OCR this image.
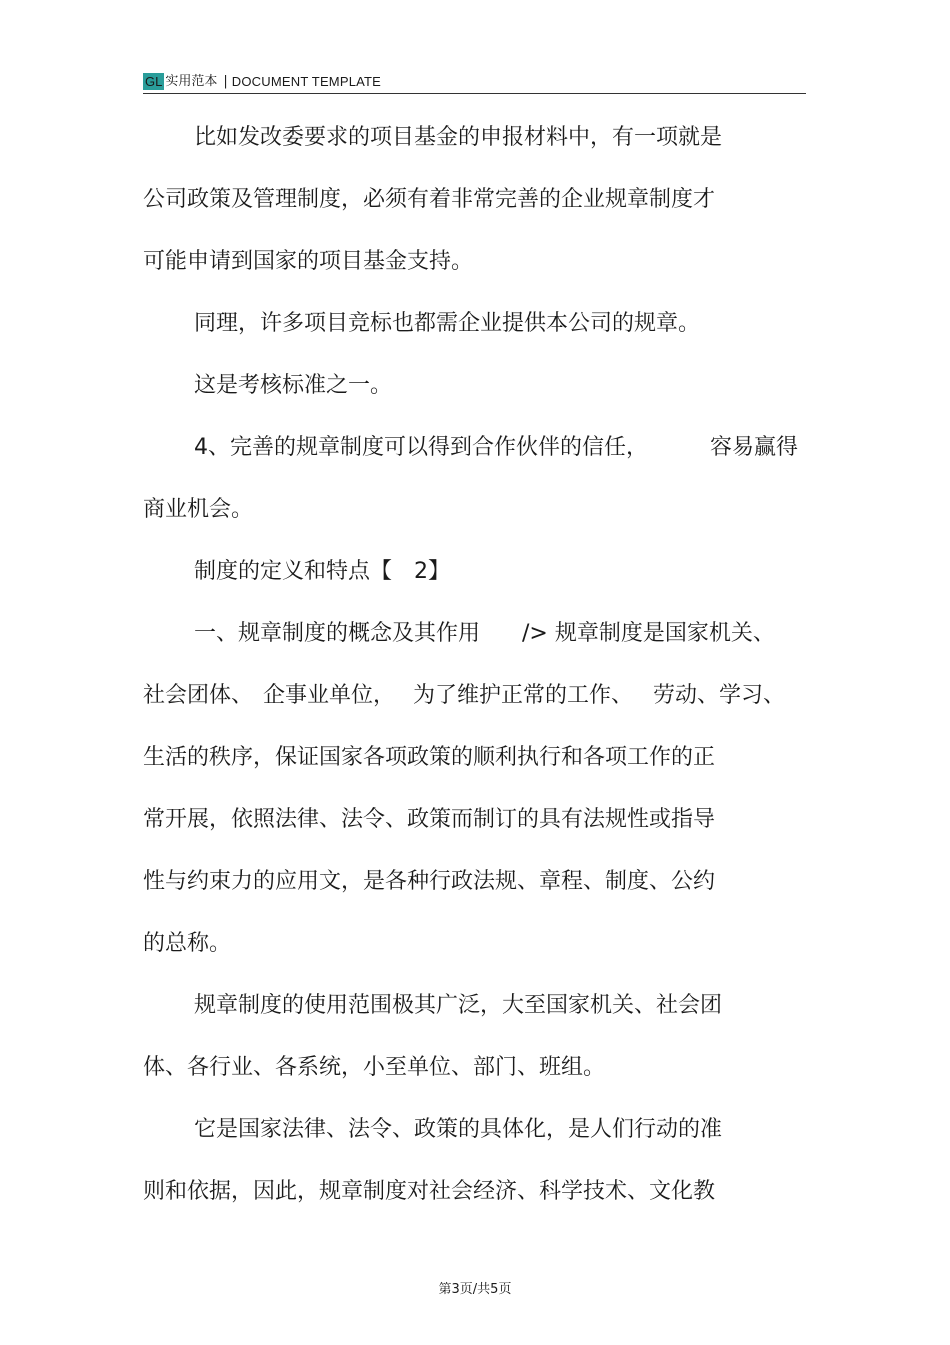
GL 实用范本 | DOCUMENT TEMPLATE
比如发改委要求的项目基金的申报材料中，有一项就是
公司政策及管理制度，必须有着非常完善的企业规章制度才
可能申请到国家的项目基金支持。
同理，许多项目竞标也都需企业提供本公司的规章。
这是考核标准之一。
4、完善的规章制度可以得到合作伙伴的信任，	容易赢得
商业机会。
制度的定义和特点【 2】
一、规章制度的概念及其作用 /> 规章制度是国家机关、
社会团体、 企事业单位， 为了维护正常的工作、 劳动、学习、
生活的秩序，保证国家各项政策的顺利执行和各项工作的正
常开展，依照法律、法令、政策而制订的具有法规性或指导
性与约束力的应用文，是各种行政法规、章程、制度、公约
的总称。
规章制度的使用范围极其广泛，大至国家机关、社会团
体、各行业、各系统，小至单位、部门、班组。
它是国家法律、法令、政策的具体化，是人们行动的准
则和依据，因此，规章制度对社会经济、科学技术、文化教
第3页/共5页
